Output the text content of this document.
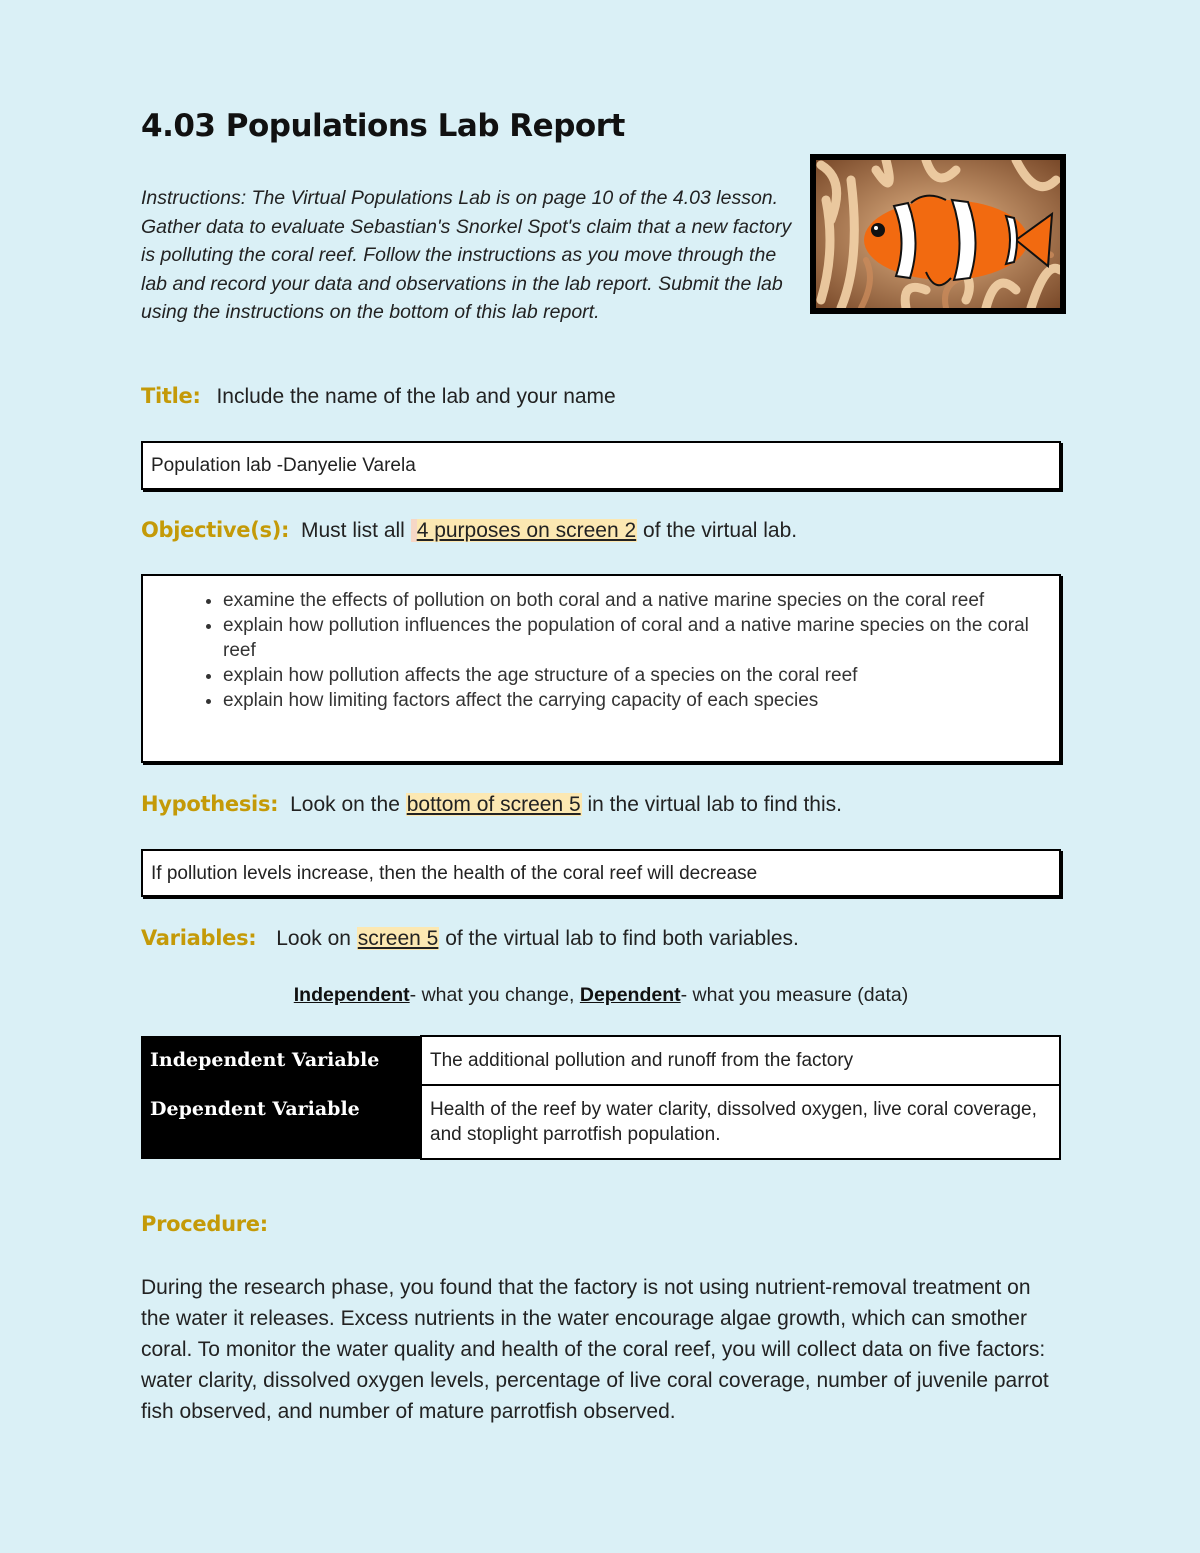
4.03 Populations Lab Report
Instructions: The Virtual Populations Lab is on page 10 of the 4.03 lesson. Gather data to evaluate Sebastian's Snorkel Spot's claim that a new factory is polluting the coral reef. Follow the instructions as you move through the lab and record your data and observations in the lab report. Submit the lab using the instructions on the bottom of this lab report.
Title: Include the name of the lab and your name
Population lab -Danyelie Varela
Objective(s): Must list all 4 purposes on screen 2 of the virtual lab.
• examine the effects of pollution on both coral and a native marine species on the coral reef
• explain how pollution influences the population of coral and a native marine species on the coral reef
• explain how pollution affects the age structure of a species on the coral reef
• explain how limiting factors affect the carrying capacity of each species
Hypothesis: Look on the bottom of screen 5 in the virtual lab to find this.
If pollution levels increase, then the health of the coral reef will decrease
Variables: Look on screen 5 of the virtual lab to find both variables.
Independent- what you change, Dependent- what you measure (data)
Independent Variable	The additional pollution and runoff from the factory
Dependent Variable	Health of the reef by water clarity, dissolved oxygen, live coral coverage, and stoplight parrotfish population.
Procedure:
During the research phase, you found that the factory is not using nutrient-removal treatment on the water it releases. Excess nutrients in the water encourage algae growth, which can smother coral. To monitor the water quality and health of the coral reef, you will collect data on five factors: water clarity, dissolved oxygen levels, percentage of live coral coverage, number of juvenile parrot fish observed, and number of mature parrotfish observed.
